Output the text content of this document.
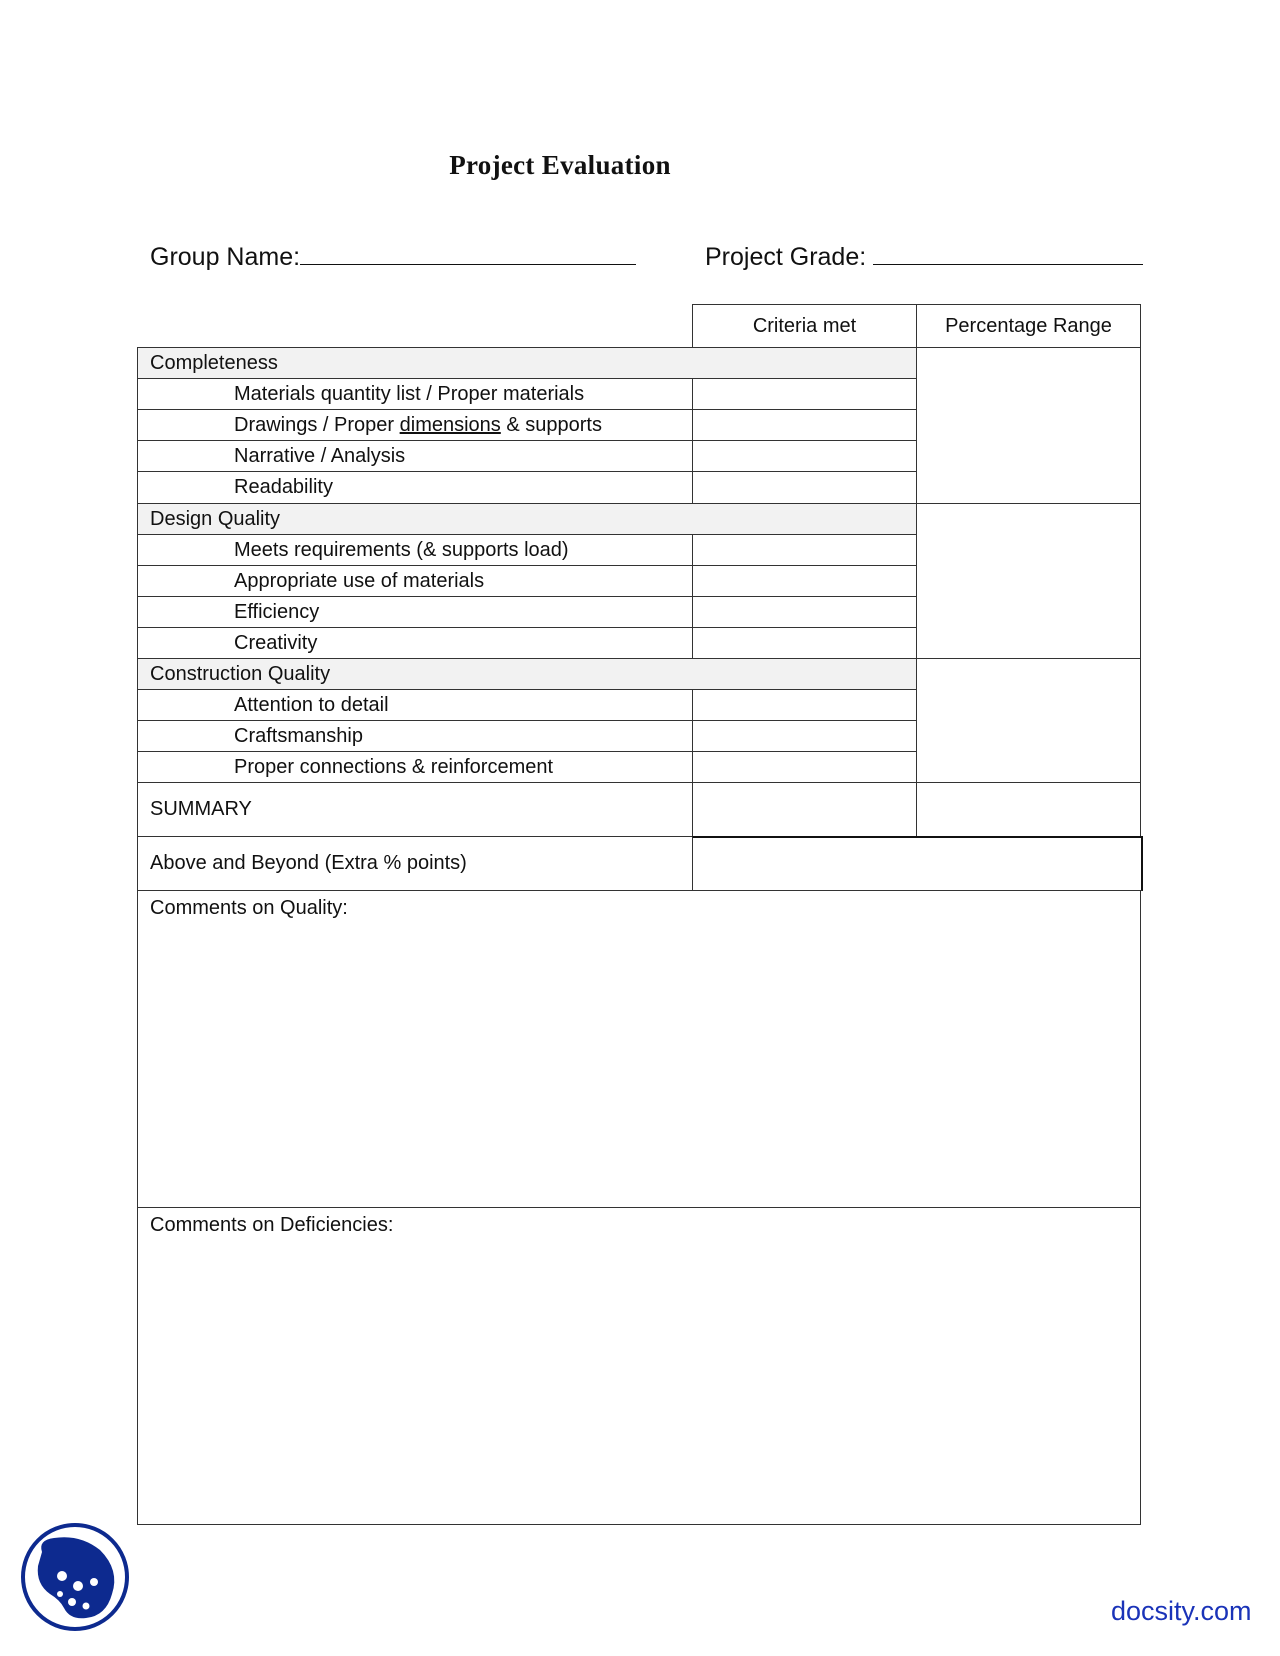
Project Evaluation
Group Name:	Project Grade:
Criteria met	Percentage Range
Completeness
Materials quantity list / Proper materials
Drawings / Proper dimensions & supports
Narrative / Analysis
Readability
Design Quality
Meets requirements (& supports load)
Appropriate use of materials
Efficiency
Creativity
Construction Quality
Attention to detail
Craftsmanship
Proper connections & reinforcement
SUMMARY
Above and Beyond (Extra % points)
Comments on Quality:
Comments on Deficiencies:
docsity.com
